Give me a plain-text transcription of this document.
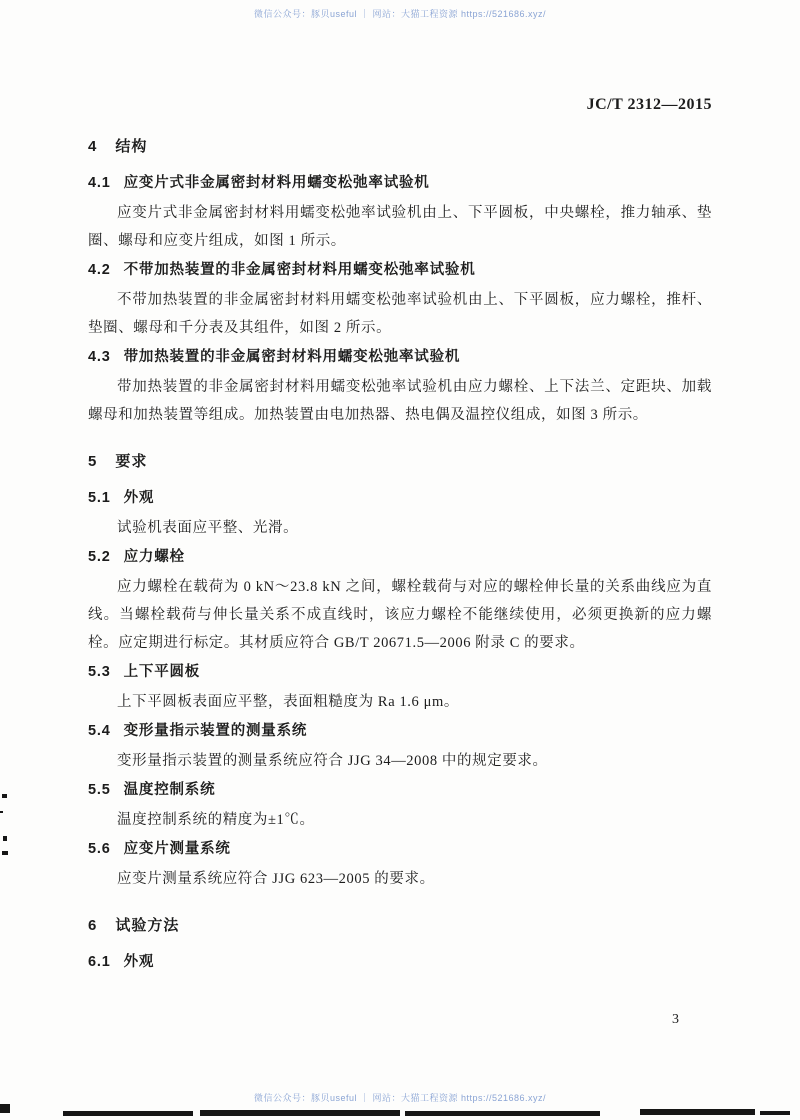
微信公众号：豚贝useful ｜ 网站：大猫工程资源 https://521686.xyz/
JC/T 2312—2015
4 结构
4.1 应变片式非金属密封材料用蠕变松弛率试验机

应变片式非金属密封材料用蠕变松弛率试验机由上、下平圆板，中央螺栓，推力轴承、垫圈、螺母和应变片组成，如图 1 所示。

4.2 不带加热装置的非金属密封材料用蠕变松弛率试验机

不带加热装置的非金属密封材料用蠕变松弛率试验机由上、下平圆板，应力螺栓，推杆、垫圈、螺母和千分表及其组件，如图 2 所示。

4.3 带加热装置的非金属密封材料用蠕变松弛率试验机

带加热装置的非金属密封材料用蠕变松弛率试验机由应力螺栓、上下法兰、定距块、加载螺母和加热装置等组成。加热装置由电加热器、热电偶及温控仪组成，如图 3 所示。

5 要求
5.1 外观

试验机表面应平整、光滑。

5.2 应力螺栓

应力螺栓在载荷为 0 kN～23.8 kN 之间，螺栓载荷与对应的螺栓伸长量的关系曲线应为直线。当螺栓载荷与伸长量关系不成直线时，该应力螺栓不能继续使用，必须更换新的应力螺栓。应定期进行标定。其材质应符合 GB/T 20671.5—2006 附录 C 的要求。

5.3 上下平圆板

上下平圆板表面应平整，表面粗糙度为 Ra 1.6 μm。

5.4 变形量指示装置的测量系统

变形量指示装置的测量系统应符合 JJG 34—2008 中的规定要求。

5.5 温度控制系统

温度控制系统的精度为±1℃。

5.6 应变片测量系统

应变片测量系统应符合 JJG 623—2005 的要求。

6 试验方法
6.1 外观
3
微信公众号：豚贝useful ｜ 网站：大猫工程资源 https://521686.xyz/
